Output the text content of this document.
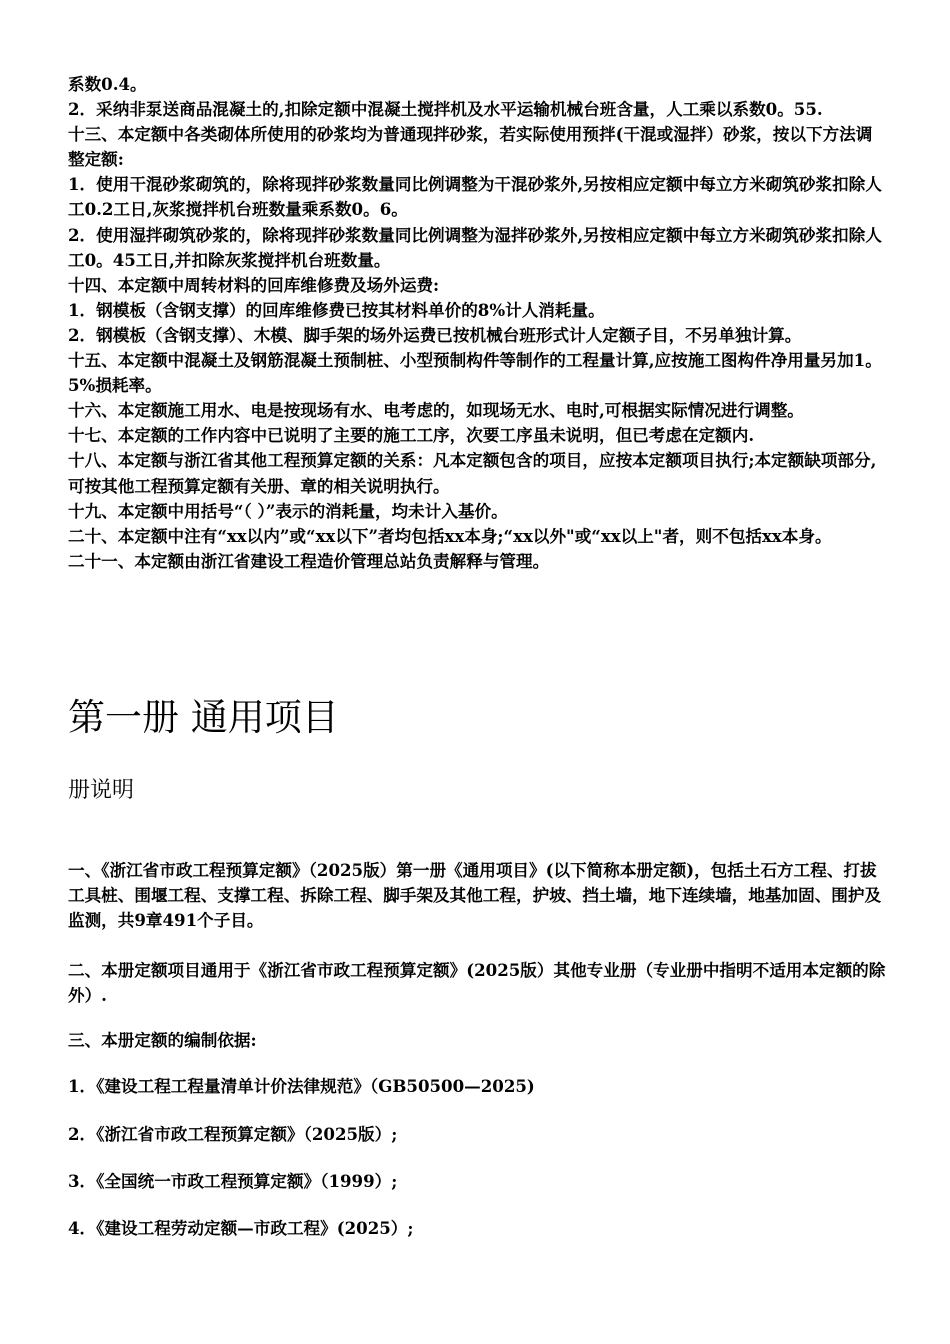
系数0.4。

2．采纳非泵送商品混凝土的,扣除定额中混凝土搅拌机及水平运输机械台班含量，人工乘以系数0。55.

十三、本定额中各类砌体所使用的砂浆均为普通现拌砂浆，若实际使用预拌(干混或湿拌）砂浆，按以下方法调整定额:

1．使用干混砂浆砌筑的，除将现拌砂浆数量同比例调整为干混砂浆外,另按相应定额中每立方米砌筑砂浆扣除人工0.2工日,灰浆搅拌机台班数量乘系数0。6。

2．使用湿拌砌筑砂浆的，除将现拌砂浆数量同比例调整为湿拌砂浆外,另按相应定额中每立方米砌筑砂浆扣除人工0。45工日,并扣除灰浆搅拌机台班数量。

十四、本定额中周转材料的回库维修费及场外运费:

1．钢模板（含钢支撑）的回库维修费已按其材料单价的8%计人消耗量。

2．钢模板（含钢支撑）、木模、脚手架的场外运费已按机械台班形式计人定额子目，不另单独计算。

十五、本定额中混凝土及钢筋混凝土预制桩、小型预制构件等制作的工程量计算,应按施工图构件净用量另加1。5%损耗率。

十六、本定额施工用水、电是按现场有水、电考虑的，如现场无水、电时,可根据实际情况进行调整。

十七、本定额的工作内容中已说明了主要的施工工序，次要工序虽未说明，但已考虑在定额内.

十八、本定额与浙江省其他工程预算定额的关系：凡本定额包含的项目，应按本定额项目执行;本定额缺项部分,可按其他工程预算定额有关册、章的相关说明执行。

十九、本定额中用括号“（ ）”表示的消耗量，均未计入基价。

二十、本定额中注有“xx以内”或“xx以下”者均包括xx本身;“xx以外"或“xx以上"者，则不包括xx本身。

二十一、本定额由浙江省建设工程造价管理总站负责解释与管理。

第一册 通用项目
册说明

一、《浙江省市政工程预算定额》（2025版）第一册《通用项目》(以下简称本册定额)，包括土石方工程、打拔工具桩、围堰工程、支撑工程、拆除工程、脚手架及其他工程，护坡、挡土墙，地下连续墙，地基加固、围护及监测，共9章491个子目。

二、本册定额项目通用于《浙江省市政工程预算定额》(2025版）其他专业册（专业册中指明不适用本定额的除外）.

三、本册定额的编制依据:

1．《建设工程工程量清单计价法律规范》（GB50500—2025)

2．《浙江省市政工程预算定额》（2025版）;

3．《全国统一市政工程预算定额》（1999）;

4．《建设工程劳动定额—市政工程》(2025）;
